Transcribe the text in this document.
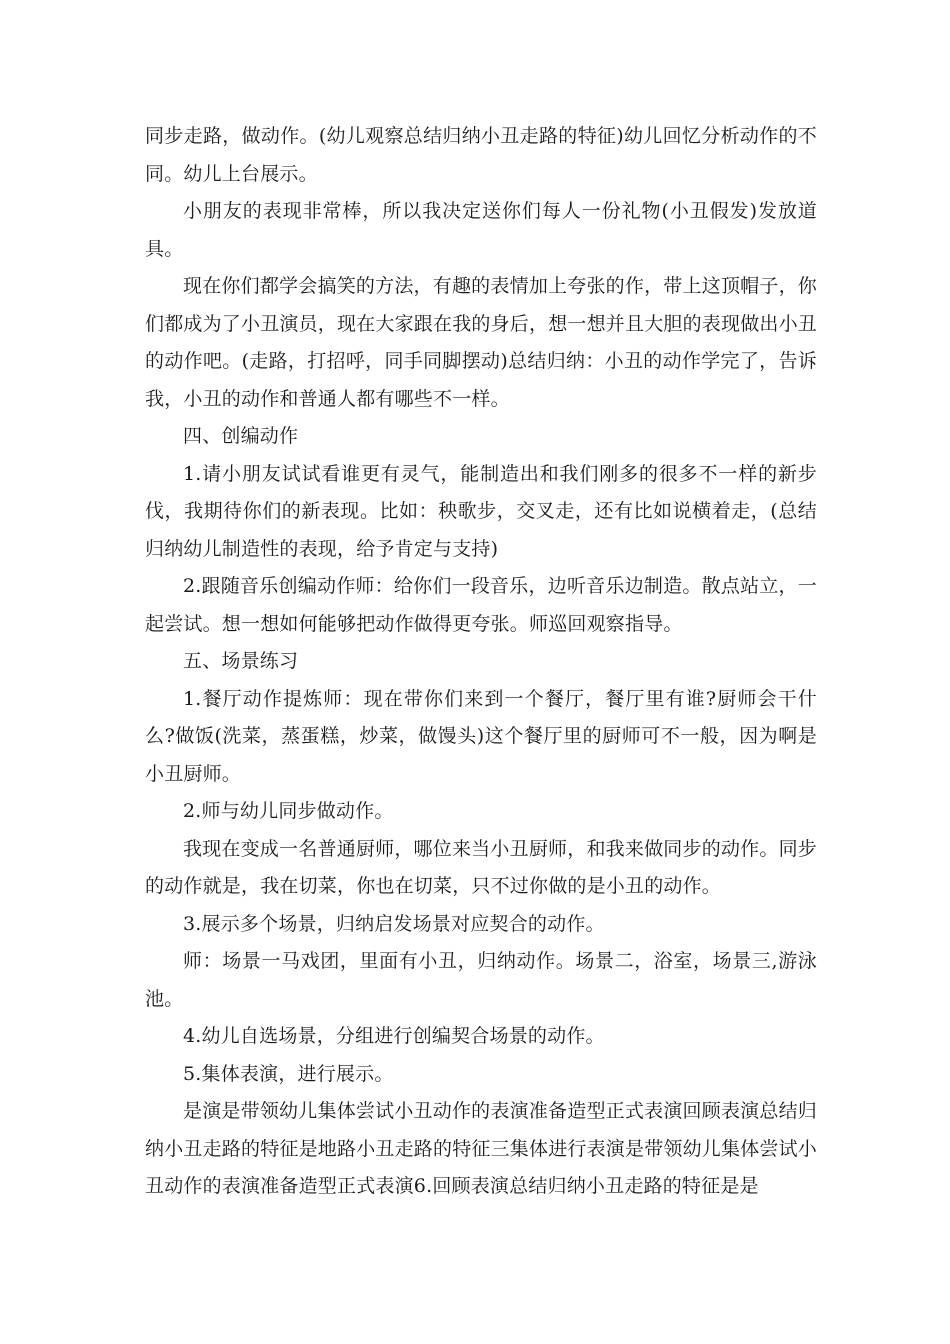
同步走路，做动作。(幼儿观察总结归纳小丑走路的特征)幼儿回忆分析动作的不同。幼儿上台展示。

小朋友的表现非常棒，所以我决定送你们每人一份礼物(小丑假发)发放道具。

现在你们都学会搞笑的方法，有趣的表情加上夸张的作，带上这顶帽子，你们都成为了小丑演员，现在大家跟在我的身后，想一想并且大胆的表现做出小丑的动作吧。(走路，打招呼，同手同脚摆动)总结归纳：小丑的动作学完了，告诉我，小丑的动作和普通人都有哪些不一样。

四、创编动作

1.请小朋友试试看谁更有灵气，能制造出和我们刚多的很多不一样的新步伐，我期待你们的新表现。比如：秧歌步，交叉走，还有比如说横着走，(总结归纳幼儿制造性的表现，给予肯定与支持)

2.跟随音乐创编动作师：给你们一段音乐，边听音乐边制造。散点站立，一起尝试。想一想如何能够把动作做得更夸张。师巡回观察指导。

五、场景练习

1.餐厅动作提炼师：现在带你们来到一个餐厅，餐厅里有谁?厨师会干什么?做饭(洗菜，蒸蛋糕，炒菜，做馒头)这个餐厅里的厨师可不一般，因为啊是小丑厨师。

2.师与幼儿同步做动作。

我现在变成一名普通厨师，哪位来当小丑厨师，和我来做同步的动作。同步的动作就是，我在切菜，你也在切菜，只不过你做的是小丑的动作。

3.展示多个场景，归纳启发场景对应契合的动作。

师：场景一马戏团，里面有小丑，归纳动作。场景二，浴室，场景三,游泳池。

4.幼儿自选场景，分组进行创编契合场景的动作。

5.集体表演，进行展示。

是演是带领幼儿集体尝试小丑动作的表演准备造型正式表演回顾表演总结归纳小丑走路的特征是地路小丑走路的特征三集体进行表演是带领幼儿集体尝试小丑动作的表演准备造型正式表演6.回顾表演总结归纳小丑走路的特征是是
